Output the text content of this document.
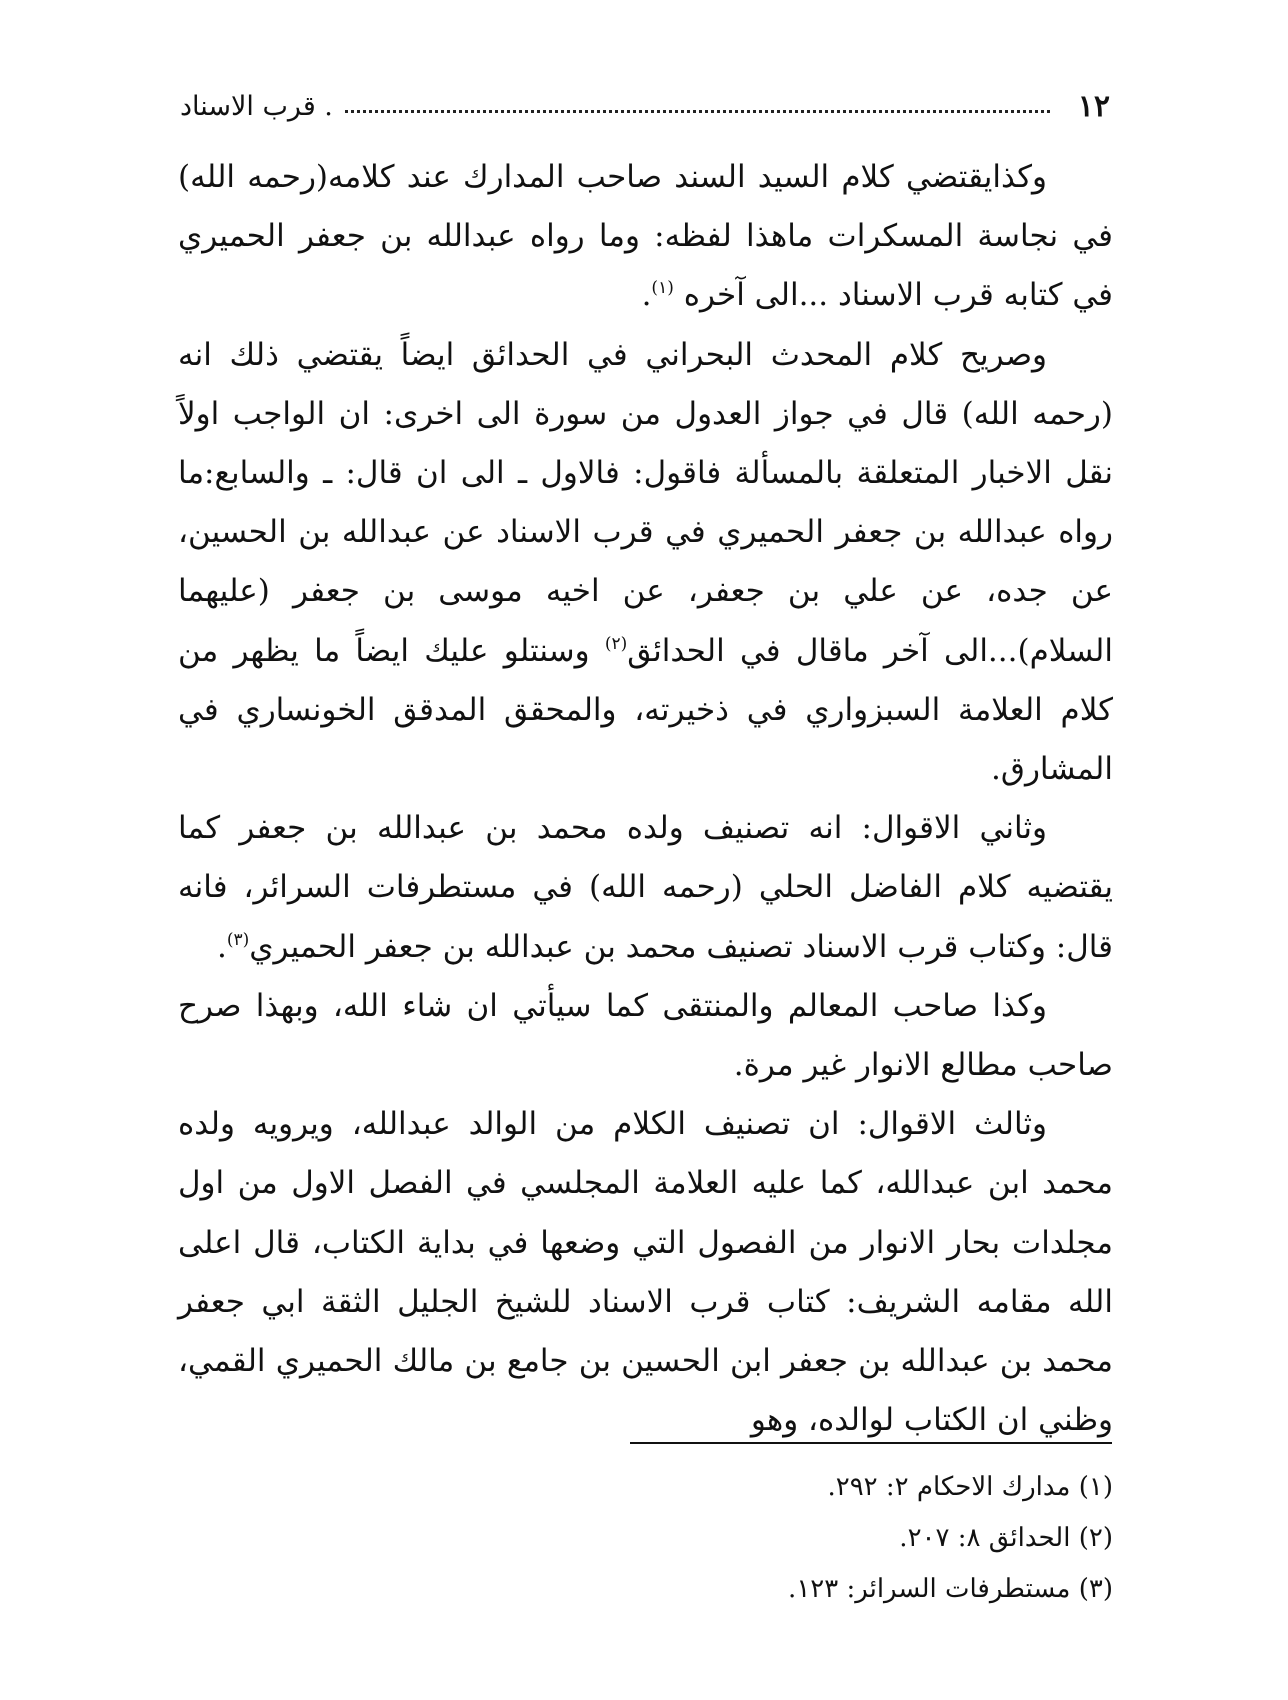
١٢
. قرب الاسناد

وكذايقتضي كلام السيد السند صاحب المدارك عند كلامه(رحمه الله) في نجاسة المسكرات ماهذا لفظه: وما رواه عبدالله بن جعفر الحميري في كتابه قرب الاسناد ...الى آخره $^{(١)}$.

وصريح كلام المحدث البحراني في الحدائق ايضاً يقتضي ذلك انه (رحمه الله) قال في جواز العدول من سورة الى اخرى: ان الواجب اولاً نقل الاخبار المتعلقة بالمسألة فاقول: فالاول ـ الى ان قال: ـ والسابع:ما رواه عبدالله بن جعفر الحميري في قرب الاسناد عن عبدالله بن الحسين، عن جده، عن علي بن جعفر، عن اخيه موسى بن جعفر (عليهما السلام)...الى آخر ماقال في الحدائق$^{(٢)}$ وسنتلو عليك ايضاً ما يظهر من كلام العلامة السبزواري في ذخيرته، والمحقق المدقق الخونساري في المشارق.

وثاني الاقوال: انه تصنيف ولده محمد بن عبدالله بن جعفر كما يقتضيه كلام الفاضل الحلي (رحمه الله) في مستطرفات السرائر، فانه قال: وكتاب قرب الاسناد تصنيف محمد بن عبدالله بن جعفر الحميري$^{(٣)}$.

وكذا صاحب المعالم والمنتقى كما سيأتي ان شاء الله، وبهذا صرح صاحب مطالع الانوار غير مرة.

وثالث الاقوال: ان تصنيف الكلام من الوالد عبدالله، ويرويه ولده محمد ابن عبدالله، كما عليه العلامة المجلسي في الفصل الاول من اول مجلدات بحار الانوار من الفصول التي وضعها في بداية الكتاب، قال اعلى الله مقامه الشريف: كتاب قرب الاسناد للشيخ الجليل الثقة ابي جعفر محمد بن عبدالله بن جعفر ابن الحسين بن جامع بن مالك الحميري القمي، وظني ان الكتاب لوالده، وهو

(١) مدارك الاحكام ٢: ٢٩٢.
(٢) الحدائق ٨: ٢٠٧.
(٣) مستطرفات السرائر: ١٢٣.
